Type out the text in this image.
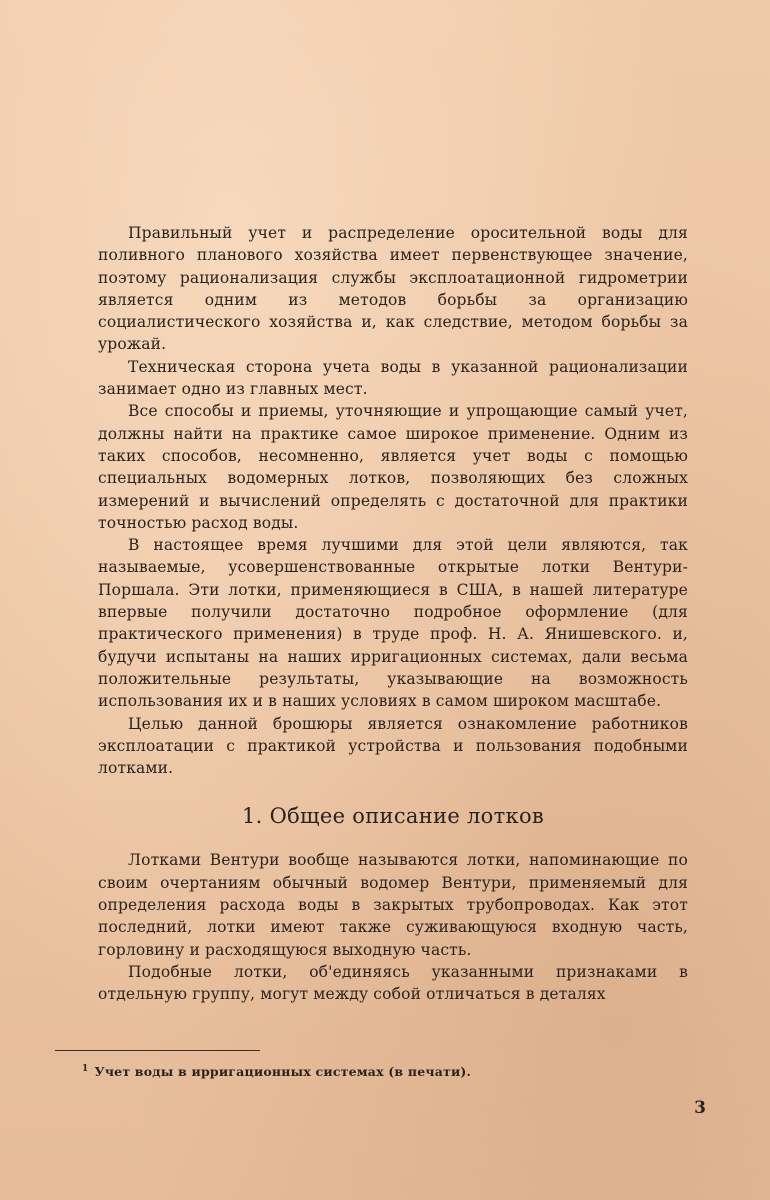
Правильный учет и распределение оросительной воды для поливного планового хозяйства имеет первенствующее значение, поэтому рационализация службы эксплоатационной гидрометрии является одним из методов борьбы за организацию социалистического хозяйства и, как следствие, методом борьбы за урожай.

Техническая сторона учета воды в указанной рационализации занимает одно из главных мест.

Все способы и приемы, уточняющие и упрощающие самый учет, должны найти на практике самое широкое применение. Одним из таких способов, несомненно, является учет воды с помощью специальных водомерных лотков, позволяющих без сложных измерений и вычислений определять с достаточной для практики точностью расход воды.

В настоящее время лучшими для этой цели являются, так называемые, усовершенствованные открытые лотки Вентури-Поршала. Эти лотки, применяющиеся в США, в нашей литературе впервые получили достаточно подробное оформление (для практического применения) в труде проф. Н. А. Янишевского. и, будучи испытаны на наших ирригационных системах, дали весьма положительные результаты, указывающие на возможность использования их и в наших условиях в самом широком масштабе.

Целью данной брошюры является ознакомление работников эксплоатации с практикой устройства и пользования подобными лотками.

1. Общее описание лотков

Лотками Вентури вообще называются лотки, напоминающие по своим очертаниям обычный водомер Вентури, применяемый для определения расхода воды в закрытых трубопроводах. Как этот последний, лотки имеют также суживающуюся входную часть, горловину и расходящуюся выходную часть.

Подобные лотки, об'единяясь указанными признаками в отдельную группу, могут между собой отличаться в деталях

$^1$ Учет воды в ирригационных системах (в печати).
3
